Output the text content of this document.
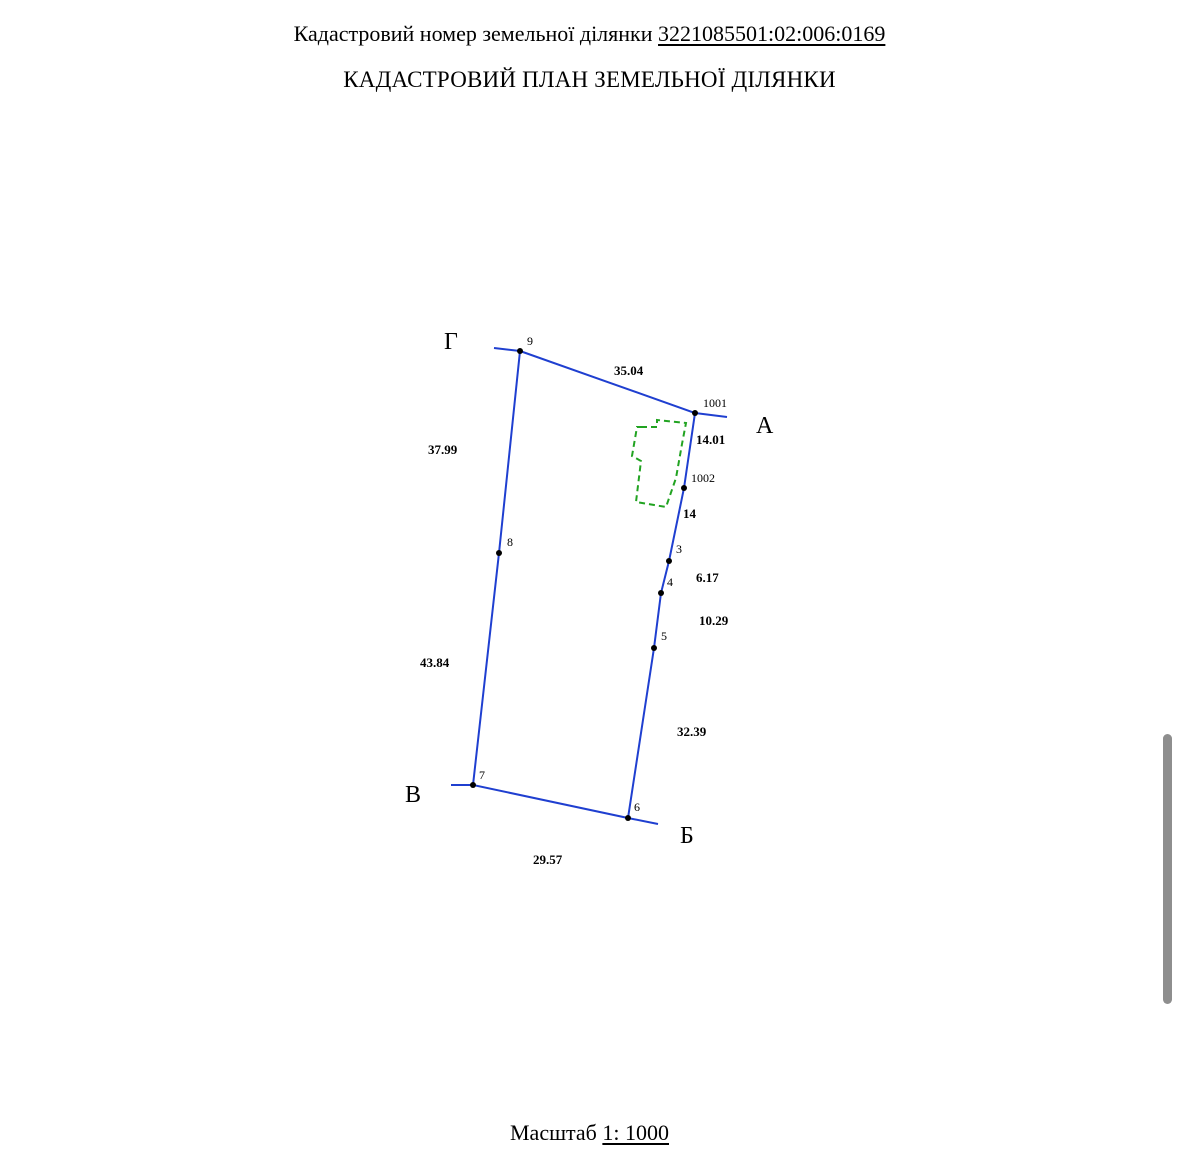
Кадастровий номер земельної ділянки 3221085501:02:006:0169
КАДАСТРОВИЙ ПЛАН ЗЕМЕЛЬНОЇ ДІЛЯНКИ
9
1001
1002
3
4
5
6
7
8
35.04
14.01
14
6.17
10.29
32.39
29.57
43.84
37.99
Г
А
В
Б
Масштаб 1: 1000
